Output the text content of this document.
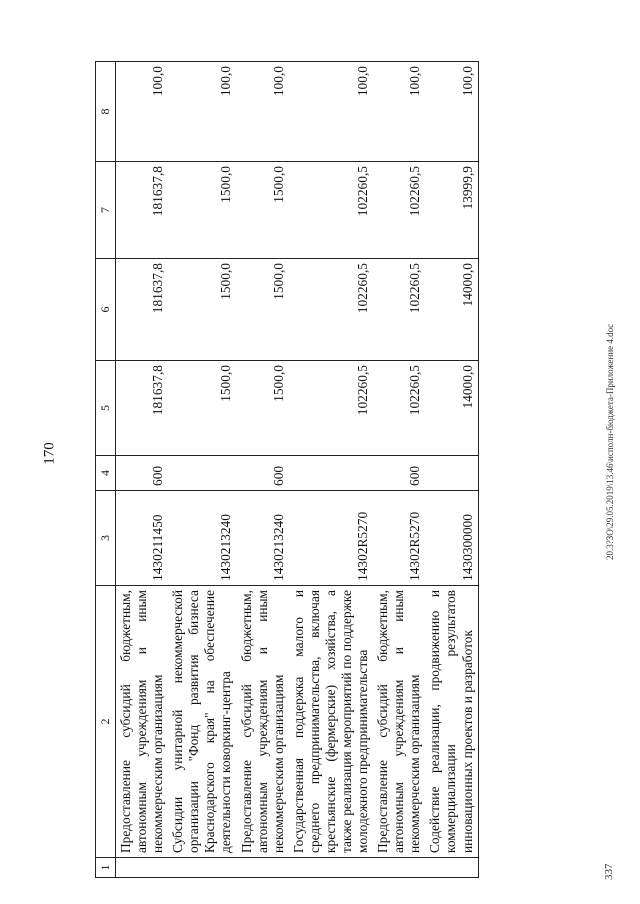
170	20.3?ЗО\29.05.2019\13.46\исполн-бюджета-Приложение 4.doc
337
1	2	3	4	5	6	7	8
	Предоставление субсидий бюджетным, автономным учреждениям и иным некоммерческим организациям	1430211450	600	181637,8	181637,8	181637,8	100,0
	Субсидии унитарной некоммерческой организации "Фонд развития бизнеса Краснодарского края" на обеспечение деятельности коворкинг-центра	1430213240		1500,0	1500,0	1500,0	100,0
	Предоставление субсидий бюджетным, автономным учреждениям и иным некоммерческим организациям	1430213240	600	1500,0	1500,0	1500,0	100,0
	Государственная поддержка малого и среднего предпринимательства, включая крестьянские (фермерские) хозяйства, а также реализация мероприятий по поддержке молодежного предпринимательства	14302R5270		102260,5	102260,5	102260,5	100,0
	Предоставление субсидий бюджетным, автономным учреждениям и иным некоммерческим организациям	14302R5270	600	102260,5	102260,5	102260,5	100,0
	Содействие реализации, продвижению и коммерциализации результатов инновационных проектов и разработок	1430300000		14000,0	14000,0	13999,9	100,0
